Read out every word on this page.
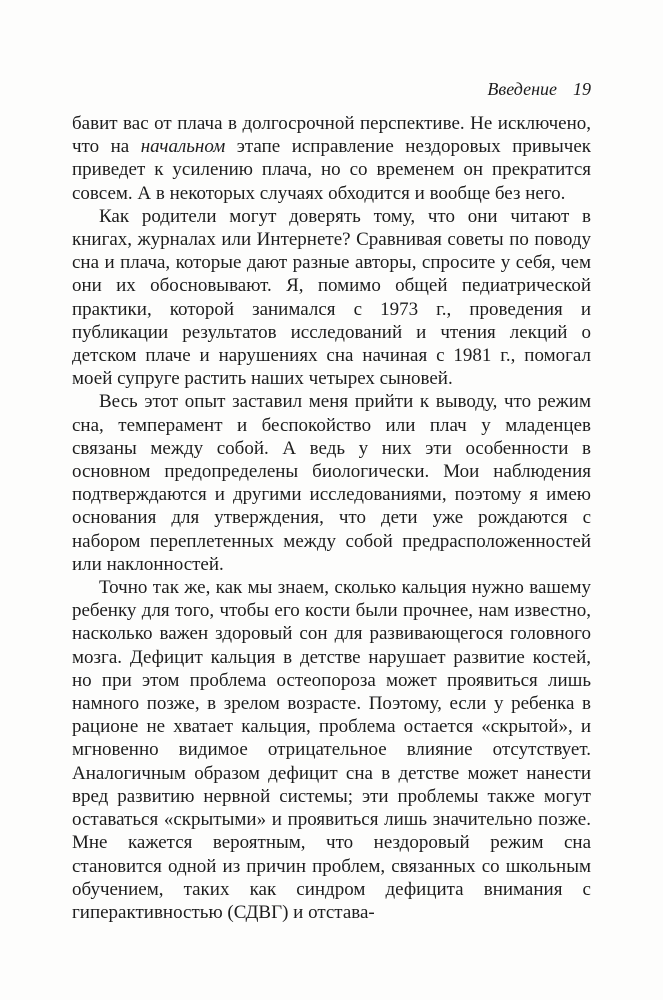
Введение 19

бавит вас от плача в долгосрочной перспективе. Не исключено, что на начальном этапе исправление нездоровых привычек приведет к усилению плача, но со временем он прекратится совсем. А в некоторых случаях обходится и вообще без него.

Как родители могут доверять тому, что они читают в книгах, журналах или Интернете? Сравнивая советы по поводу сна и плача, которые дают разные авторы, спросите у себя, чем они их обосновывают. Я, помимо общей педиатрической практики, которой занимался с 1973 г., проведения и публикации результатов исследований и чтения лекций о детском плаче и нарушениях сна начиная с 1981 г., помогал моей супруге растить наших четырех сыновей.

Весь этот опыт заставил меня прийти к выводу, что режим сна, темперамент и беспокойство или плач у младенцев связаны между собой. А ведь у них эти особенности в основном предопределены биологически. Мои наблюдения подтверждаются и другими исследованиями, поэтому я имею основания для утверждения, что дети уже рождаются с набором переплетенных между собой предрасположенностей или наклонностей.

Точно так же, как мы знаем, сколько кальция нужно вашему ребенку для того, чтобы его кости были прочнее, нам известно, насколько важен здоровый сон для развивающегося головного мозга. Дефицит кальция в детстве нарушает развитие костей, но при этом проблема остеопороза может проявиться лишь намного позже, в зрелом возрасте. Поэтому, если у ребенка в рационе не хватает кальция, проблема остается «скрытой», и мгновенно видимое отрицательное влияние отсутствует. Аналогичным образом дефицит сна в детстве может нанести вред развитию нервной системы; эти проблемы также могут оставаться «скрытыми» и проявиться лишь значительно позже. Мне кажется вероятным, что нездоровый режим сна становится одной из причин проблем, связанных со школьным обучением, таких как синдром дефицита внимания с гиперактивностью (СДВГ) и отстава-
